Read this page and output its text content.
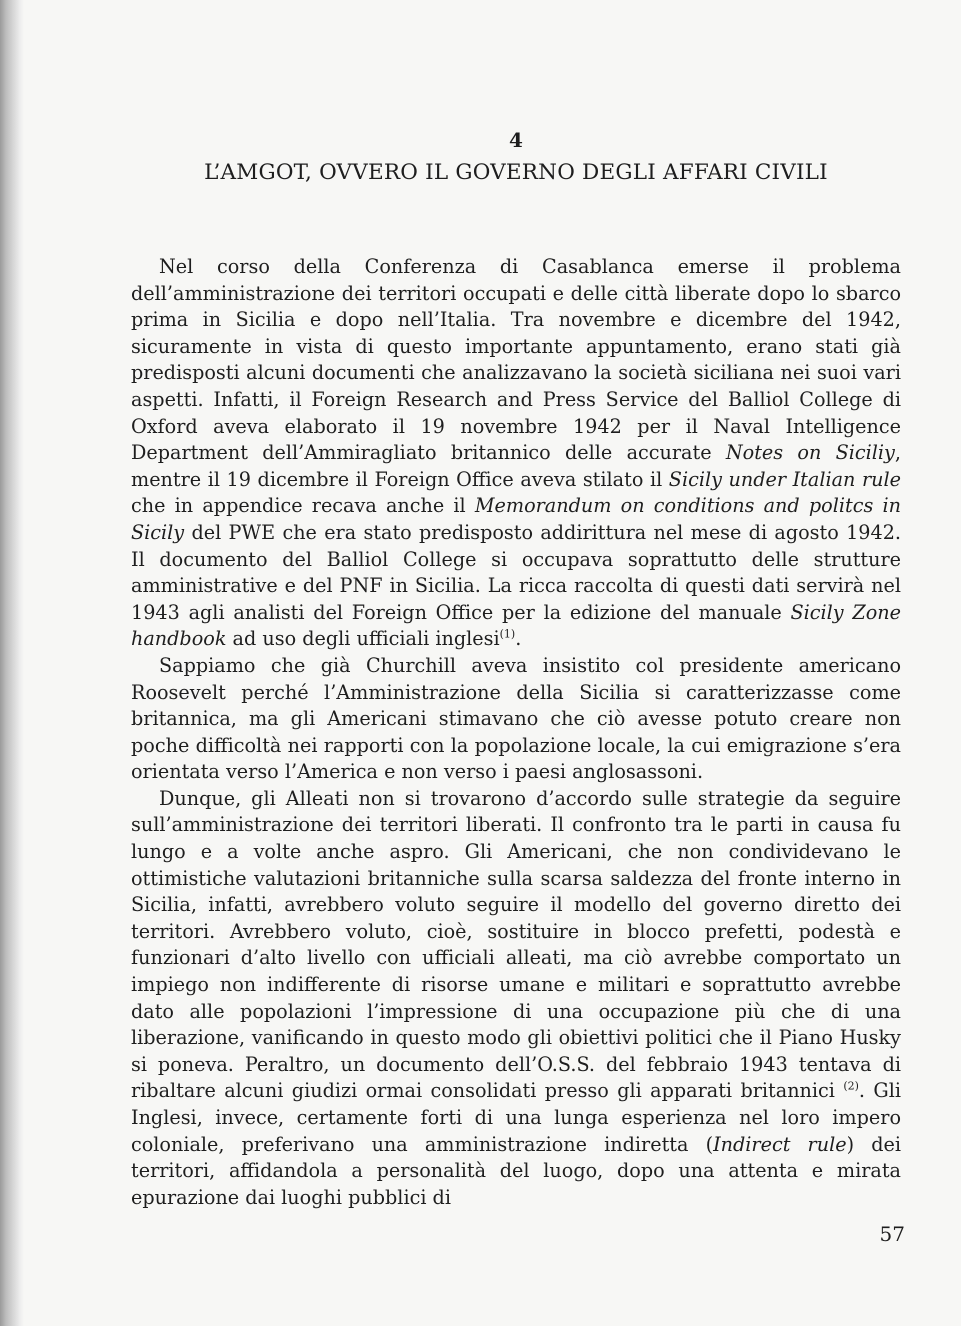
4

L’AMGOT, OVVERO IL GOVERNO DEGLI AFFARI CIVILI

Nel corso della Conferenza di Casablanca emerse il problema dell’amministrazione dei territori occupati e delle città liberate dopo lo sbarco prima in Sicilia e dopo nell’Italia. Tra novembre e dicembre del 1942, sicuramente in vista di questo importante appuntamento, erano stati già predisposti alcuni documenti che analizzavano la società siciliana nei suoi vari aspetti. Infatti, il Foreign Research and Press Service del Balliol College di Oxford aveva elaborato il 19 novembre 1942 per il Naval Intelligence Department dell’Ammiragliato britannico delle accurate Notes on Siciliy, mentre il 19 dicembre il Foreign Office aveva stilato il Sicily under Italian rule che in appendice recava anche il Memorandum on conditions and politcs in Sicily del PWE che era stato predisposto addirittura nel mese di agosto 1942. Il documento del Balliol College si occupava soprattutto delle strutture amministrative e del PNF in Sicilia. La ricca raccolta di questi dati servirà nel 1943 agli analisti del Foreign Office per la edizione del manuale Sicily Zone handbook ad uso degli ufficiali inglesi$^{(1)}$.

Sappiamo che già Churchill aveva insistito col presidente americano Roosevelt perché l’Amministrazione della Sicilia si caratterizzasse come britannica, ma gli Americani stimavano che ciò avesse potuto creare non poche difficoltà nei rapporti con la popolazione locale, la cui emigrazione s’era orientata verso l’America e non verso i paesi anglosassoni.

Dunque, gli Alleati non si trovarono d’accordo sulle strategie da seguire sull’amministrazione dei territori liberati. Il confronto tra le parti in causa fu lungo e a volte anche aspro. Gli Americani, che non condividevano le ottimistiche valutazioni britanniche sulla scarsa saldezza del fronte interno in Sicilia, infatti, avrebbero voluto seguire il modello del governo diretto dei territori. Avrebbero voluto, cioè, sostituire in blocco prefetti, podestà e funzionari d’alto livello con ufficiali alleati, ma ciò avrebbe comportato un impiego non indifferente di risorse umane e militari e soprattutto avrebbe dato alle popolazioni l’impressione di una occupazione più che di una liberazione, vanificando in questo modo gli obiettivi politici che il Piano Husky si poneva. Peraltro, un documento dell’O.S.S. del febbraio 1943 tentava di ribaltare alcuni giudizi ormai consolidati presso gli apparati britannici $^{(2)}$. Gli Inglesi, invece, certamente forti di una lunga esperienza nel loro impero coloniale, preferivano una amministrazione indiretta (Indirect rule) dei territori, affidandola a personalità del luogo, dopo una attenta e mirata epurazione dai luoghi pubblici di

57
